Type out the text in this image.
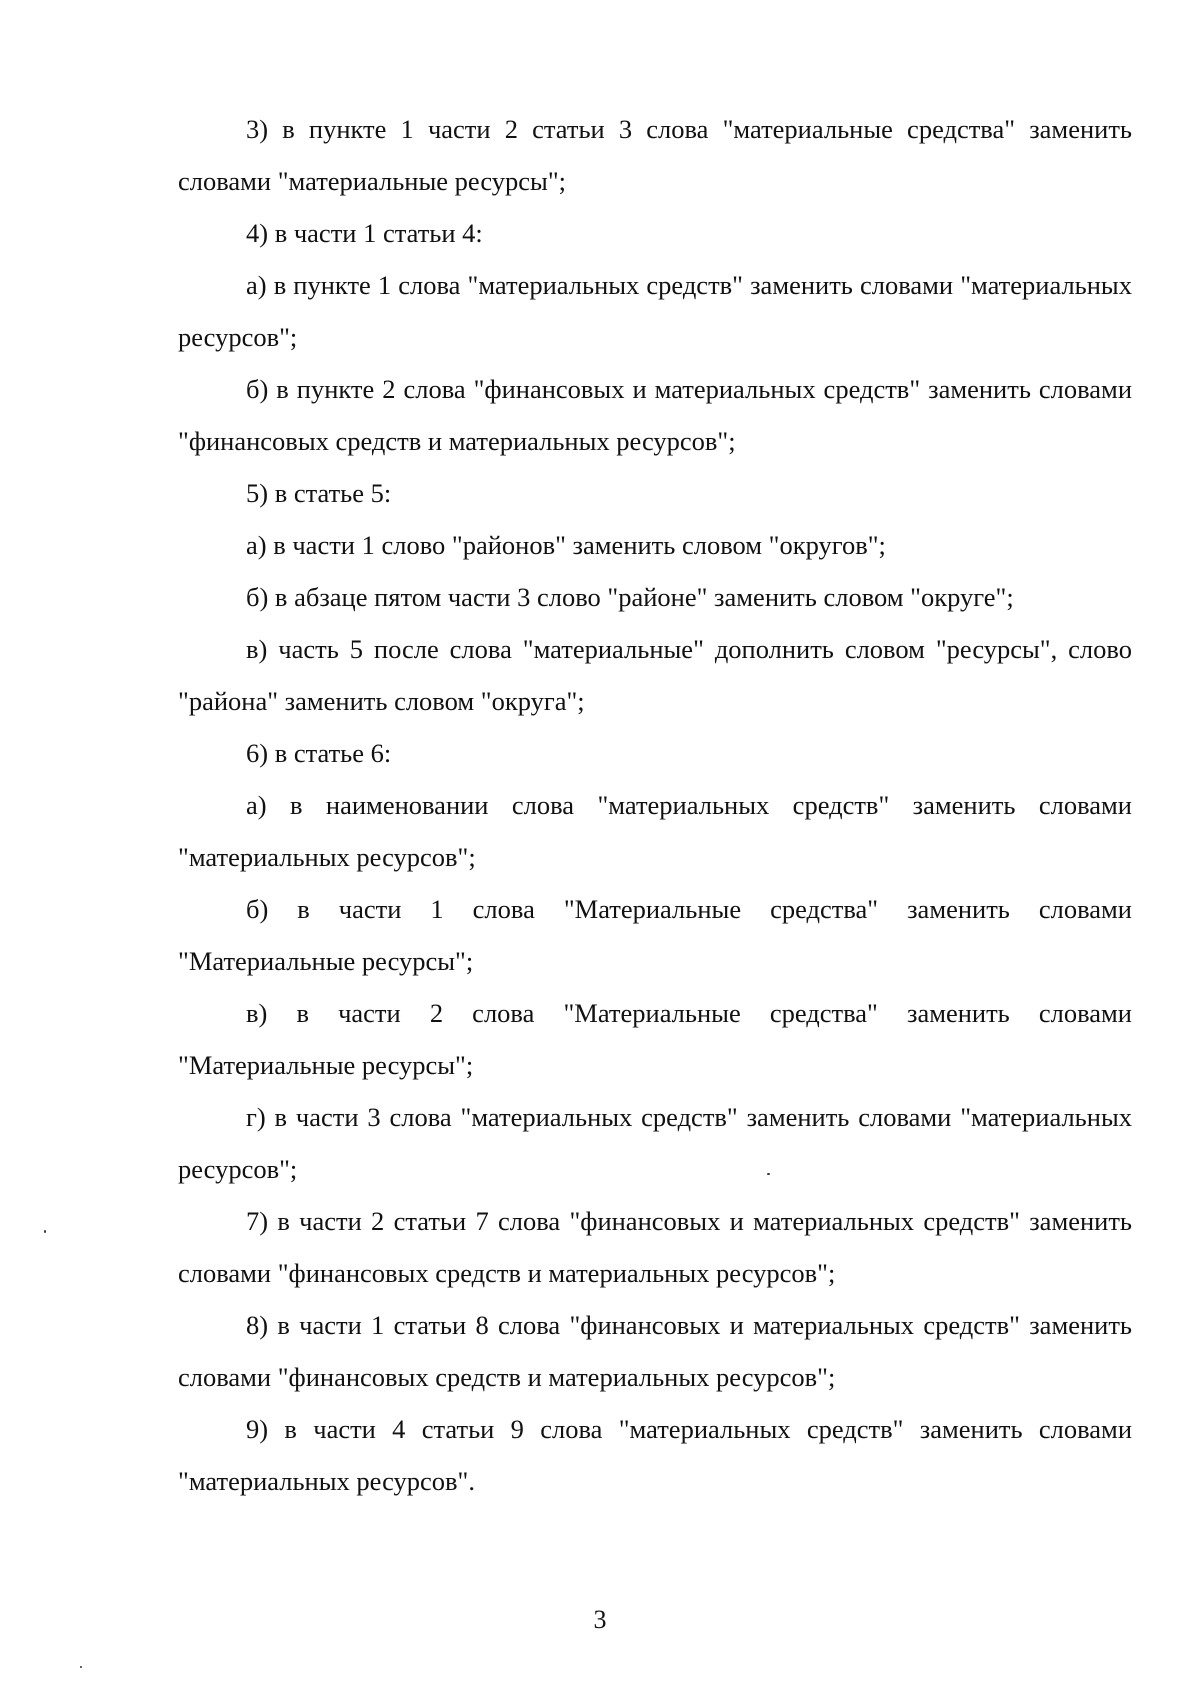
3) в пункте 1 части 2 статьи 3 слова "материальные средства" заменить словами "материальные ресурсы";

4) в части 1 статьи 4:

а) в пункте 1 слова "материальных средств" заменить словами "материальных ресурсов";

б) в пункте 2 слова "финансовых и материальных средств" заменить словами "финансовых средств и материальных ресурсов";

5) в статье 5:

а) в части 1 слово "районов" заменить словом "округов";

б) в абзаце пятом части 3 слово "районе" заменить словом "округе";

в) часть 5 после слова "материальные" дополнить словом "ресурсы", слово "района" заменить словом "округа";

6) в статье 6:

а) в наименовании слова "материальных средств" заменить словами "материальных ресурсов";

б) в части 1 слова "Материальные средства" заменить словами "Материальные ресурсы";

в) в части 2 слова "Материальные средства" заменить словами "Материальные ресурсы";

г) в части 3 слова "материальных средств" заменить словами "материальных ресурсов";

7) в части 2 статьи 7 слова "финансовых и материальных средств" заменить словами "финансовых средств и материальных ресурсов";

8) в части 1 статьи 8 слова "финансовых и материальных средств" заменить словами "финансовых средств и материальных ресурсов";

9) в части 4 статьи 9 слова "материальных средств" заменить словами "материальных ресурсов".

3
